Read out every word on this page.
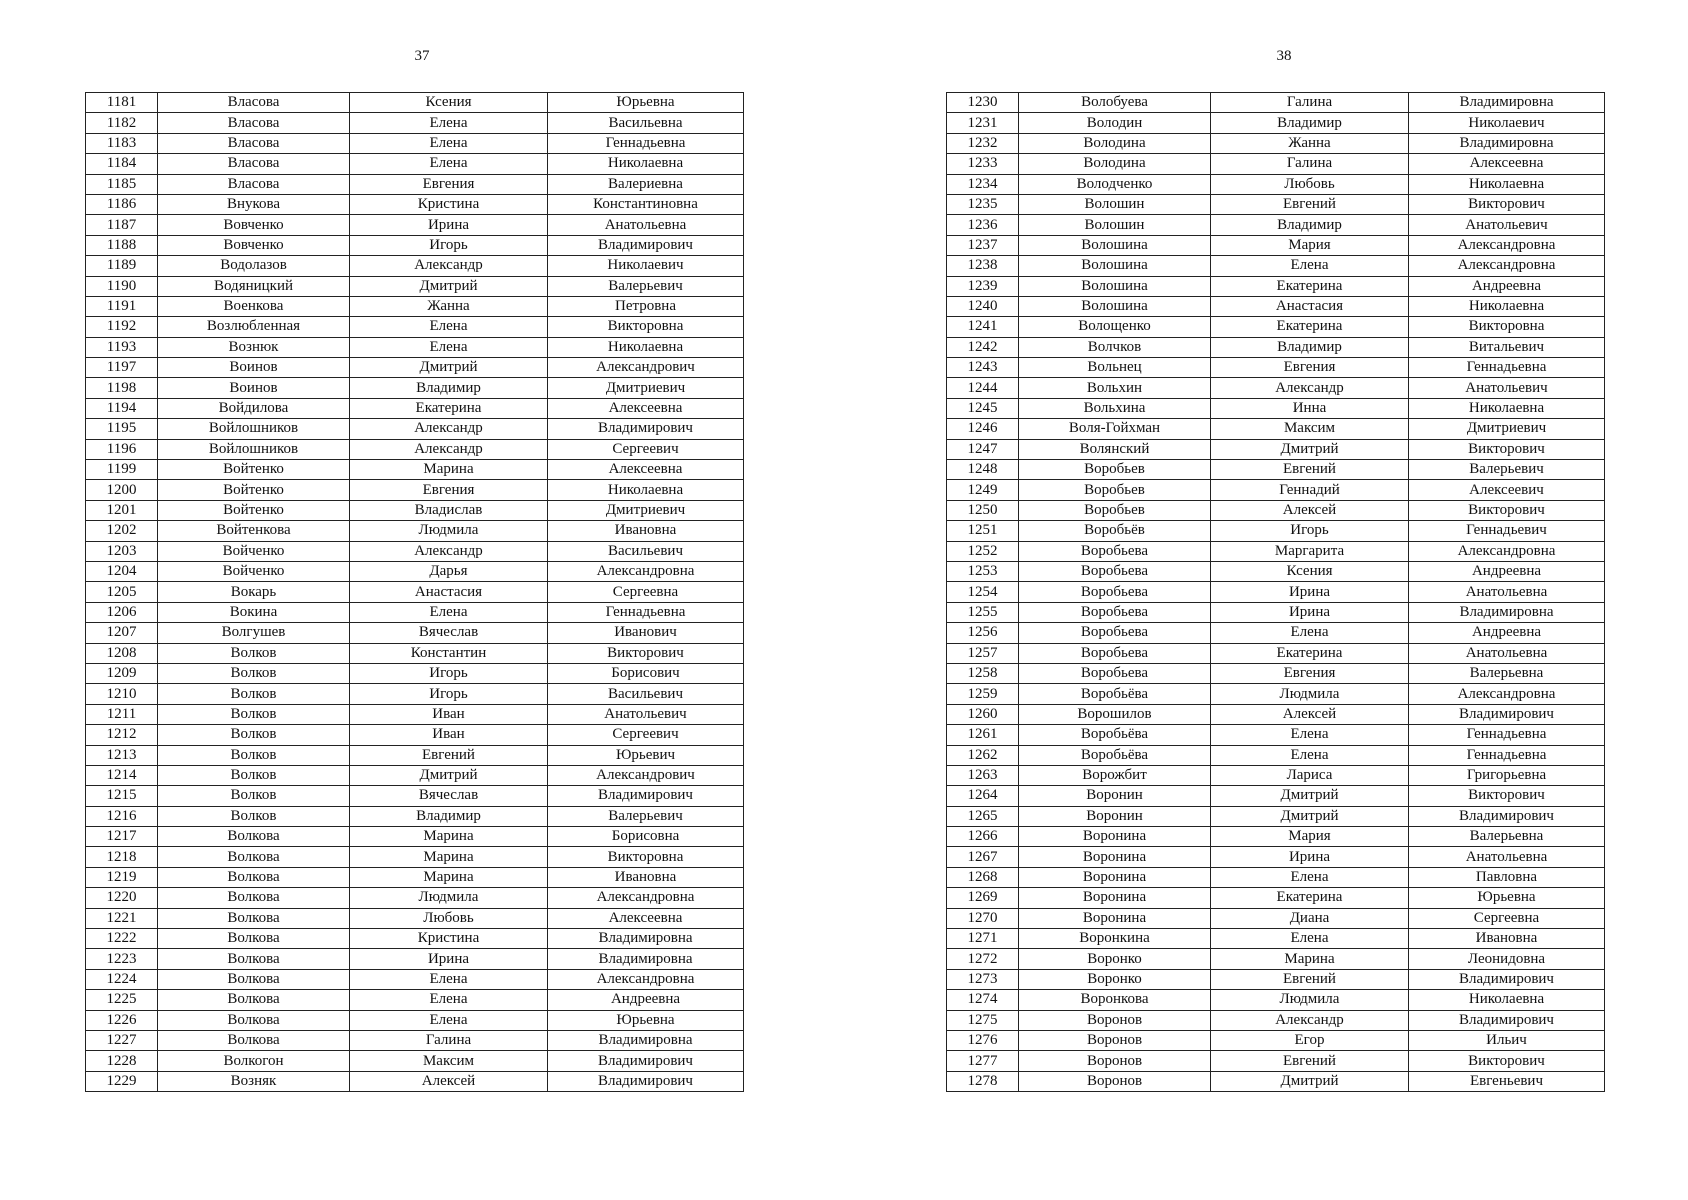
37	38
1181	Власова	Ксения	Юрьевна
1182	Власова	Елена	Васильевна
1183	Власова	Елена	Геннадьевна
1184	Власова	Елена	Николаевна
1185	Власова	Евгения	Валериевна
1186	Внукова	Кристина	Константиновна
1187	Вовченко	Ирина	Анатольевна
1188	Вовченко	Игорь	Владимирович
1189	Водолазов	Александр	Николаевич
1190	Водяницкий	Дмитрий	Валерьевич
1191	Военкова	Жанна	Петровна
1192	Возлюбленная	Елена	Викторовна
1193	Вознюк	Елена	Николаевна
1197	Воинов	Дмитрий	Александрович
1198	Воинов	Владимир	Дмитриевич
1194	Войдилова	Екатерина	Алексеевна
1195	Войлошников	Александр	Владимирович
1196	Войлошников	Александр	Сергеевич
1199	Войтенко	Марина	Алексеевна
1200	Войтенко	Евгения	Николаевна
1201	Войтенко	Владислав	Дмитриевич
1202	Войтенкова	Людмила	Ивановна
1203	Войченко	Александр	Васильевич
1204	Войченко	Дарья	Александровна
1205	Вокарь	Анастасия	Сергеевна
1206	Вокина	Елена	Геннадьевна
1207	Волгушев	Вячеслав	Иванович
1208	Волков	Константин	Викторович
1209	Волков	Игорь	Борисович
1210	Волков	Игорь	Васильевич
1211	Волков	Иван	Анатольевич
1212	Волков	Иван	Сергеевич
1213	Волков	Евгений	Юрьевич
1214	Волков	Дмитрий	Александрович
1215	Волков	Вячеслав	Владимирович
1216	Волков	Владимир	Валерьевич
1217	Волкова	Марина	Борисовна
1218	Волкова	Марина	Викторовна
1219	Волкова	Марина	Ивановна
1220	Волкова	Людмила	Александровна
1221	Волкова	Любовь	Алексеевна
1222	Волкова	Кристина	Владимировна
1223	Волкова	Ирина	Владимировна
1224	Волкова	Елена	Александровна
1225	Волкова	Елена	Андреевна
1226	Волкова	Елена	Юрьевна
1227	Волкова	Галина	Владимировна
1228	Волкогон	Максим	Владимирович
1229	Возняк	Алексей	Владимирович
1230	Волобуева	Галина	Владимировна
1231	Володин	Владимир	Николаевич
1232	Володина	Жанна	Владимировна
1233	Володина	Галина	Алексеевна
1234	Володченко	Любовь	Николаевна
1235	Волошин	Евгений	Викторович
1236	Волошин	Владимир	Анатольевич
1237	Волошина	Мария	Александровна
1238	Волошина	Елена	Александровна
1239	Волошина	Екатерина	Андреевна
1240	Волошина	Анастасия	Николаевна
1241	Волощенко	Екатерина	Викторовна
1242	Волчков	Владимир	Витальевич
1243	Вольнец	Евгения	Геннадьевна
1244	Вольхин	Александр	Анатольевич
1245	Вольхина	Инна	Николаевна
1246	Воля-Гойхман	Максим	Дмитриевич
1247	Волянский	Дмитрий	Викторович
1248	Воробьев	Евгений	Валерьевич
1249	Воробьев	Геннадий	Алексеевич
1250	Воробьев	Алексей	Викторович
1251	Воробьёв	Игорь	Геннадьевич
1252	Воробьева	Маргарита	Александровна
1253	Воробьева	Ксения	Андреевна
1254	Воробьева	Ирина	Анатольевна
1255	Воробьева	Ирина	Владимировна
1256	Воробьева	Елена	Андреевна
1257	Воробьева	Екатерина	Анатольевна
1258	Воробьева	Евгения	Валерьевна
1259	Воробьёва	Людмила	Александровна
1260	Ворошилов	Алексей	Владимирович
1261	Воробьёва	Елена	Геннадьевна
1262	Воробьёва	Елена	Геннадьевна
1263	Ворожбит	Лариса	Григорьевна
1264	Воронин	Дмитрий	Викторович
1265	Воронин	Дмитрий	Владимирович
1266	Воронина	Мария	Валерьевна
1267	Воронина	Ирина	Анатольевна
1268	Воронина	Елена	Павловна
1269	Воронина	Екатерина	Юрьевна
1270	Воронина	Диана	Сергеевна
1271	Воронкина	Елена	Ивановна
1272	Воронко	Марина	Леонидовна
1273	Воронко	Евгений	Владимирович
1274	Воронкова	Людмила	Николаевна
1275	Воронов	Александр	Владимирович
1276	Воронов	Егор	Ильич
1277	Воронов	Евгений	Викторович
1278	Воронов	Дмитрий	Евгеньевич
